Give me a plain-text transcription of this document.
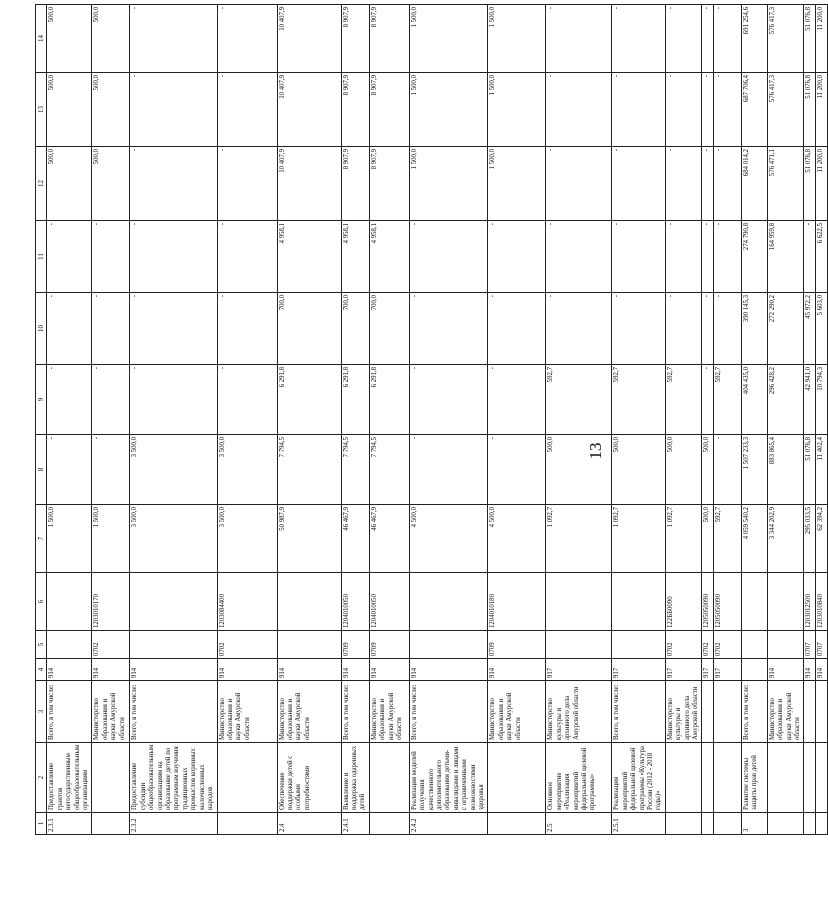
13
1	2	3	4	5	6	7	8	9	10	11	12	13	14
2.3.1	Предоставление грантов негосударственным общеобразовательным организациям	Всего, в том числе:	914			1 500,0	-	-	-	-	500,0	500,0	500,0
		Министерство образования и науки Амурской области	914	0702	1203010170	1 500,0	-	-	-	-	500,0	500,0	500,0
2.3.2	Предоставление субсидии общеобразовательным организациям на образование детей по программам изучения традиционных промыслов коренных малочисленных народов	Всего, в том числе:	914			3 500,0	3 500,0	-	-	-	-	-	-
		Министерство образования и науки Амурской области	914	0702	1203084400	3 500,0	3 500,0	-	-	-	-	-	-
2.4	Обеспечение поддержки детей с особыми потребностями	Министерство образования и науки Амурской области	914			50 987,9	7 794,5	6 291,8	700,0	4 958,1	10 407,9	10 407,9	10 407,9
2.4.1	Выявление и поддержка одаренных детей	Всего, в том числе:	914	0709	1204010050	46 467,9	7 794,5	6 291,8	700,0	4 958,1	8 907,9	8 907,9	8 907,9
		Министерство образования и науки Амурской области	914	0709	1204010050	46 467,9	7 794,5	6 291,8	700,0	4 958,1	8 907,9	8 907,9	8 907,9
2.4.2	Реализация моделей получения качественного дополнительного образования детьми-инвалидами и лицами с ограниченными возможностями здоровья	Всего, в том числе:	914			4 500,0	-	-	-	-	1 500,0	1 500,0	1 500,0
		Министерство образования и науки Амурской области	914	0709	1204010180	4 500,0	-	-	-	-	1 500,0	1 500,0	1 500,0
2.5	Основное мероприятие «Реализация мероприятий федеральной целевой программы»	Министерство культуры и архивного дела Амурской области	917			1 092,7	500,0	592,7	-	-	-	-	-
2.5.1	Реализация мероприятий федеральной целевой программы «Культура России (2012 - 2018 годы)»	Всего, в том числе:	917			1 092,7	500,0	592,7	-	-	-	-	-
		Министерство культуры и архивного дела Амурской области	917	0702	122ББ0090	1 092,7	500,0	592,7	-	-	-	-	-
			917	0702	1205050090	500,0	500,0	-	-	-	-	-	-
			917	0702	1205050090	592,7	-	592,7	-	-	-	-	-
3	Развитие системы защиты прав детей	Всего, в том числе:				4 059 540,2	1 507 233,3	404 435,0	390 145,3	274 790,8	684 014,2	687 706,4	691 254,6
		Министерство образования и науки Амурской области	914			3 344 202,9	883 865,4	296 428,2	272 290,2	164 959,8	576 471,1	576 417,3	576 417,3
			914	0707	1203012500	295 033,5	51 076,8	42 941,0	45 972,2	-	51 076,8	51 076,8	51 076,8
			914	0707	1203010840	62 394,2	11 402,4	10 794,3	5 603,0	6 622,5	11 200,0	11 200,0	11 200,0
